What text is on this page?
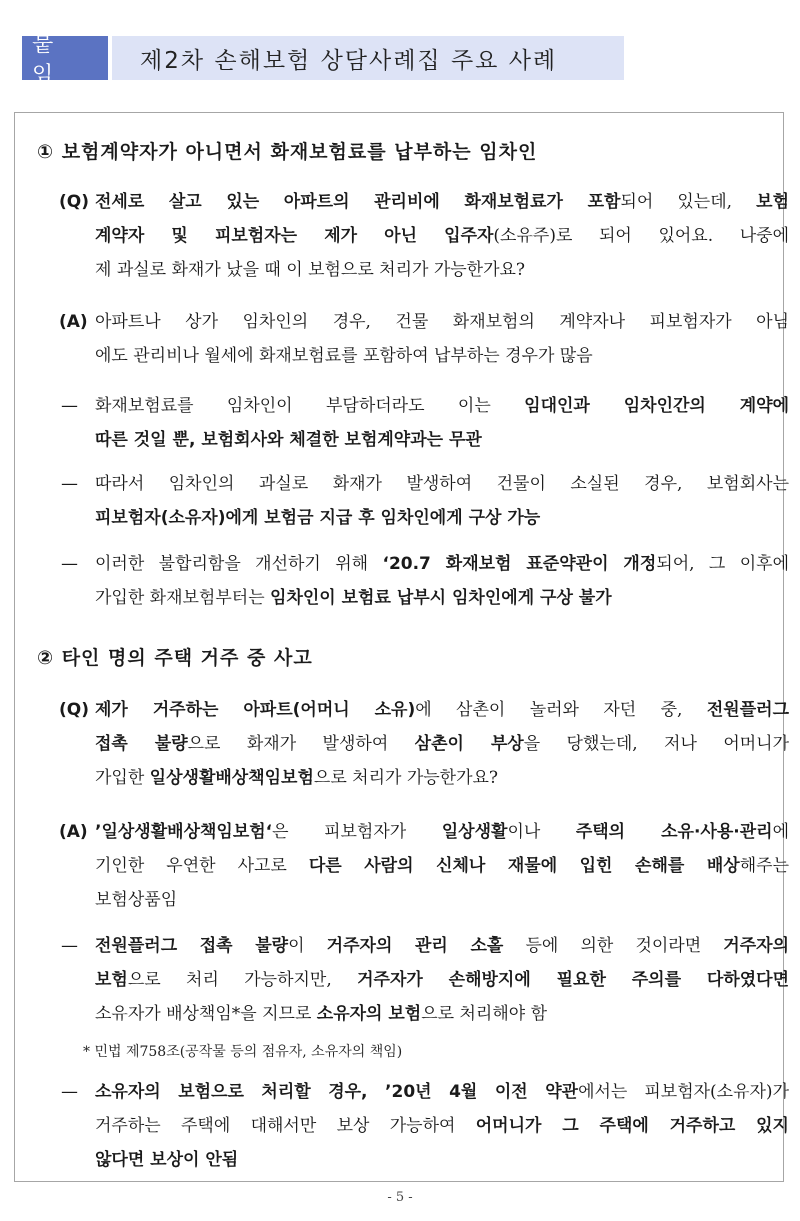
붙 임
제2차 손해보험 상담사례집 주요 사례
① 보험계약자가 아니면서 화재보험료를 납부하는 임차인
(Q) 전세로 살고 있는 아파트의 관리비에 화재보험료가 포함되어 있는데, 보험
계약자 및 피보험자는 제가 아닌 입주자(소유주)로 되어 있어요. 나중에
제 과실로 화재가 났을 때 이 보험으로 처리가 가능한가요?
(A) 아파트나 상가 임차인의 경우, 건물 화재보험의 계약자나 피보험자가 아님
에도 관리비나 월세에 화재보험료를 포함하여 납부하는 경우가 많음
— 화재보험료를 임차인이 부담하더라도 이는 임대인과 임차인간의 계약에
따른 것일 뿐, 보험회사와 체결한 보험계약과는 무관
— 따라서 임차인의 과실로 화재가 발생하여 건물이 소실된 경우, 보험회사는
피보험자(소유자)에게 보험금 지급 후 임차인에게 구상 가능
— 이러한 불합리함을 개선하기 위해 ‘20.7 화재보험 표준약관이 개정되어, 그 이후에
가입한 화재보험부터는 임차인이 보험료 납부시 임차인에게 구상 불가
② 타인 명의 주택 거주 중 사고
(Q) 제가 거주하는 아파트(어머니 소유)에 삼촌이 놀러와 자던 중, 전원플러그
접촉 불량으로 화재가 발생하여 삼촌이 부상을 당했는데, 저나 어머니가
가입한 일상생활배상책임보험으로 처리가 가능한가요?
(A) ’일상생활배상책임보험‘은 피보험자가 일상생활이나 주택의 소유·사용·관리에
기인한 우연한 사고로 다른 사람의 신체나 재물에 입힌 손해를 배상해주는
보험상품임
— 전원플러그 접촉 불량이 거주자의 관리 소홀 등에 의한 것이라면 거주자의
보험으로 처리 가능하지만, 거주자가 손해방지에 필요한 주의를 다하였다면
소유자가 배상책임*을 지므로 소유자의 보험으로 처리해야 함
* 민법 제758조(공작물 등의 점유자, 소유자의 책임)
— 소유자의 보험으로 처리할 경우, ’20년 4월 이전 약관에서는 피보험자(소유자)가
거주하는 주택에 대해서만 보상 가능하여 어머니가 그 주택에 거주하고 있지
않다면 보상이 안됨
- 5 -
